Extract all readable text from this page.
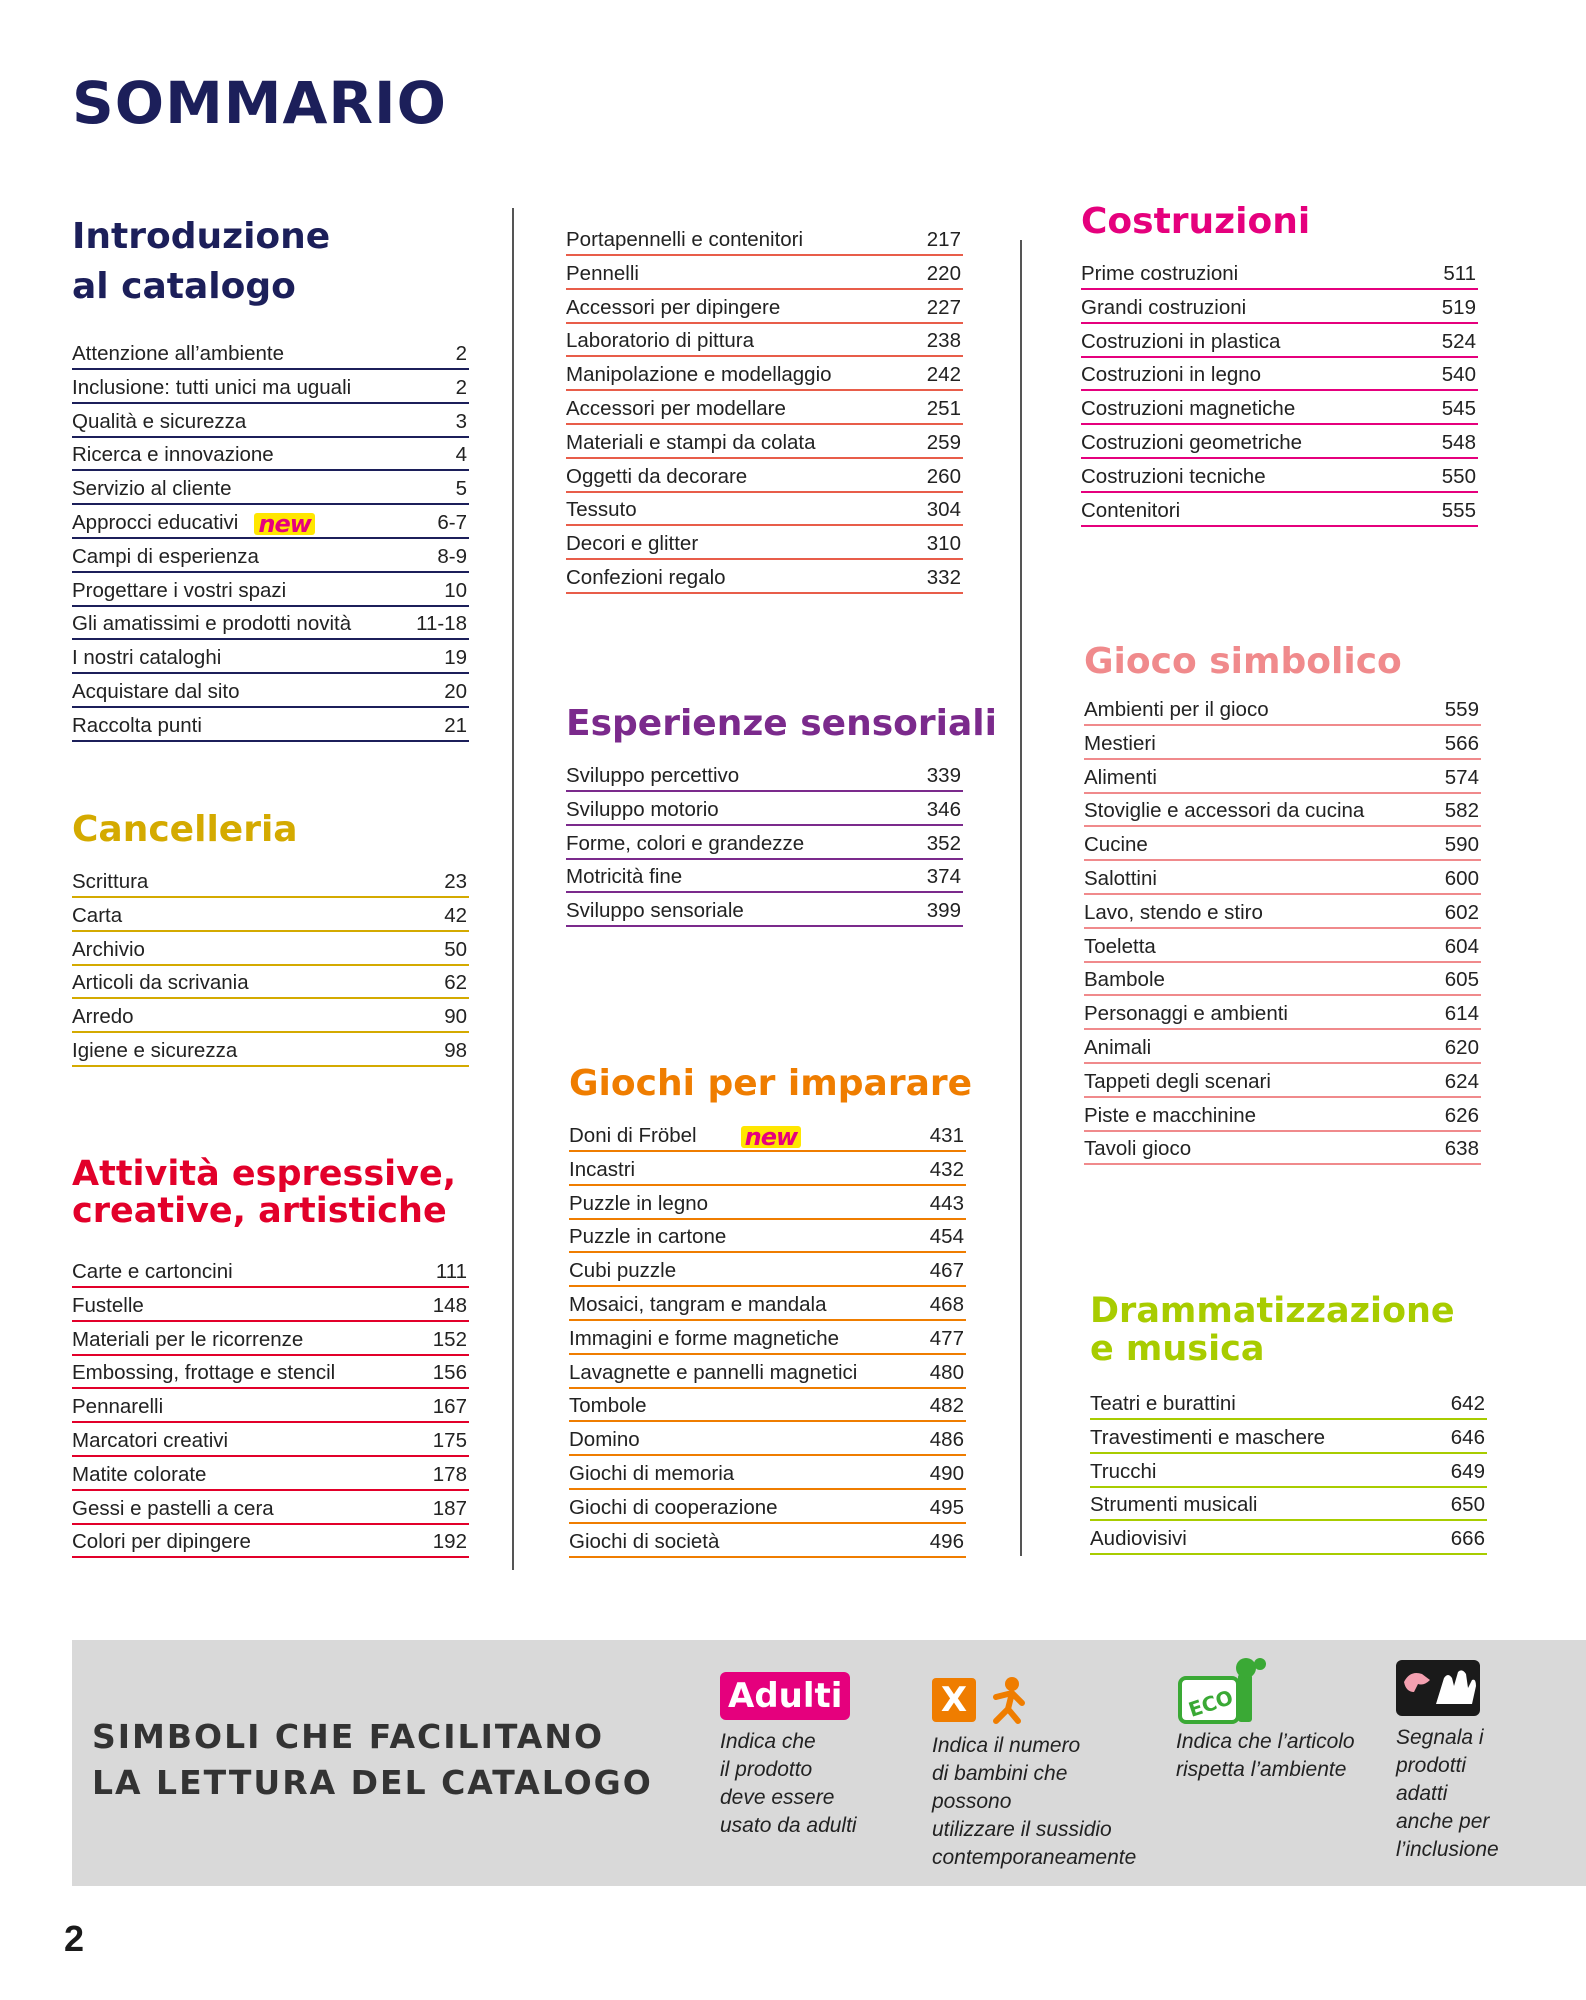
SOMMARIO
Introduzione
al catalogo
Attenzione all’ambiente	2
Inclusione: tutti unici ma uguali	2
Qualità e sicurezza	3
Ricerca e innovazione	4
Servizio al cliente	5
Approcci educativi new	6-7
Campi di esperienza	8-9
Progettare i vostri spazi	10
Gli amatissimi e prodotti novità	11-18
I nostri cataloghi	19
Acquistare dal sito	20
Raccolta punti	21
Cancelleria
Scrittura	23
Carta	42
Archivio	50
Articoli da scrivania	62
Arredo	90
Igiene e sicurezza	98
Attività espressive,
creative, artistiche
Carte e cartoncini	111
Fustelle	148
Materiali per le ricorrenze	152
Embossing, frottage e stencil	156
Pennarelli	167
Marcatori creativi	175
Matite colorate	178
Gessi e pastelli a cera	187
Colori per dipingere	192
Portapennelli e contenitori	217
Pennelli	220
Accessori per dipingere	227
Laboratorio di pittura	238
Manipolazione e modellaggio	242
Accessori per modellare	251
Materiali e stampi da colata	259
Oggetti da decorare	260
Tessuto	304
Decori e glitter	310
Confezioni regalo	332
Esperienze sensoriali
Sviluppo percettivo	339
Sviluppo motorio	346
Forme, colori e grandezze	352
Motricità fine	374
Sviluppo sensoriale	399
Giochi per imparare
Doni di Fröbel new	431
Incastri	432
Puzzle in legno	443
Puzzle in cartone	454
Cubi puzzle	467
Mosaici, tangram e mandala	468
Immagini e forme magnetiche	477
Lavagnette e pannelli magnetici	480
Tombole	482
Domino	486
Giochi di memoria	490
Giochi di cooperazione	495
Giochi di società	496
Costruzioni
Prime costruzioni	511
Grandi costruzioni	519
Costruzioni in plastica	524
Costruzioni in legno	540
Costruzioni magnetiche	545
Costruzioni geometriche	548
Costruzioni tecniche	550
Contenitori	555
Gioco simbolico
Ambienti per il gioco	559
Mestieri	566
Alimenti	574
Stoviglie e accessori da cucina	582
Cucine	590
Salottini	600
Lavo, stendo e stiro	602
Toeletta	604
Bambole	605
Personaggi e ambienti	614
Animali	620
Tappeti degli scenari	624
Piste e macchinine	626
Tavoli gioco	638
Drammatizzazione
e musica
Teatri e burattini	642
Travestimenti e maschere	646
Trucchi	649
Strumenti musicali	650
Audiovisivi	666
SIMBOLI CHE FACILITANO
LA LETTURA DEL CATALOGO
Adulti
Indica che
il prodotto
deve essere
usato da adulti
X
Indica il numero
di bambini che possono
utilizzare il sussidio
contemporaneamente
ECO
Indica che l’articolo
rispetta l’ambiente
Segnala i
prodotti
adatti
anche per
l’inclusione

2
